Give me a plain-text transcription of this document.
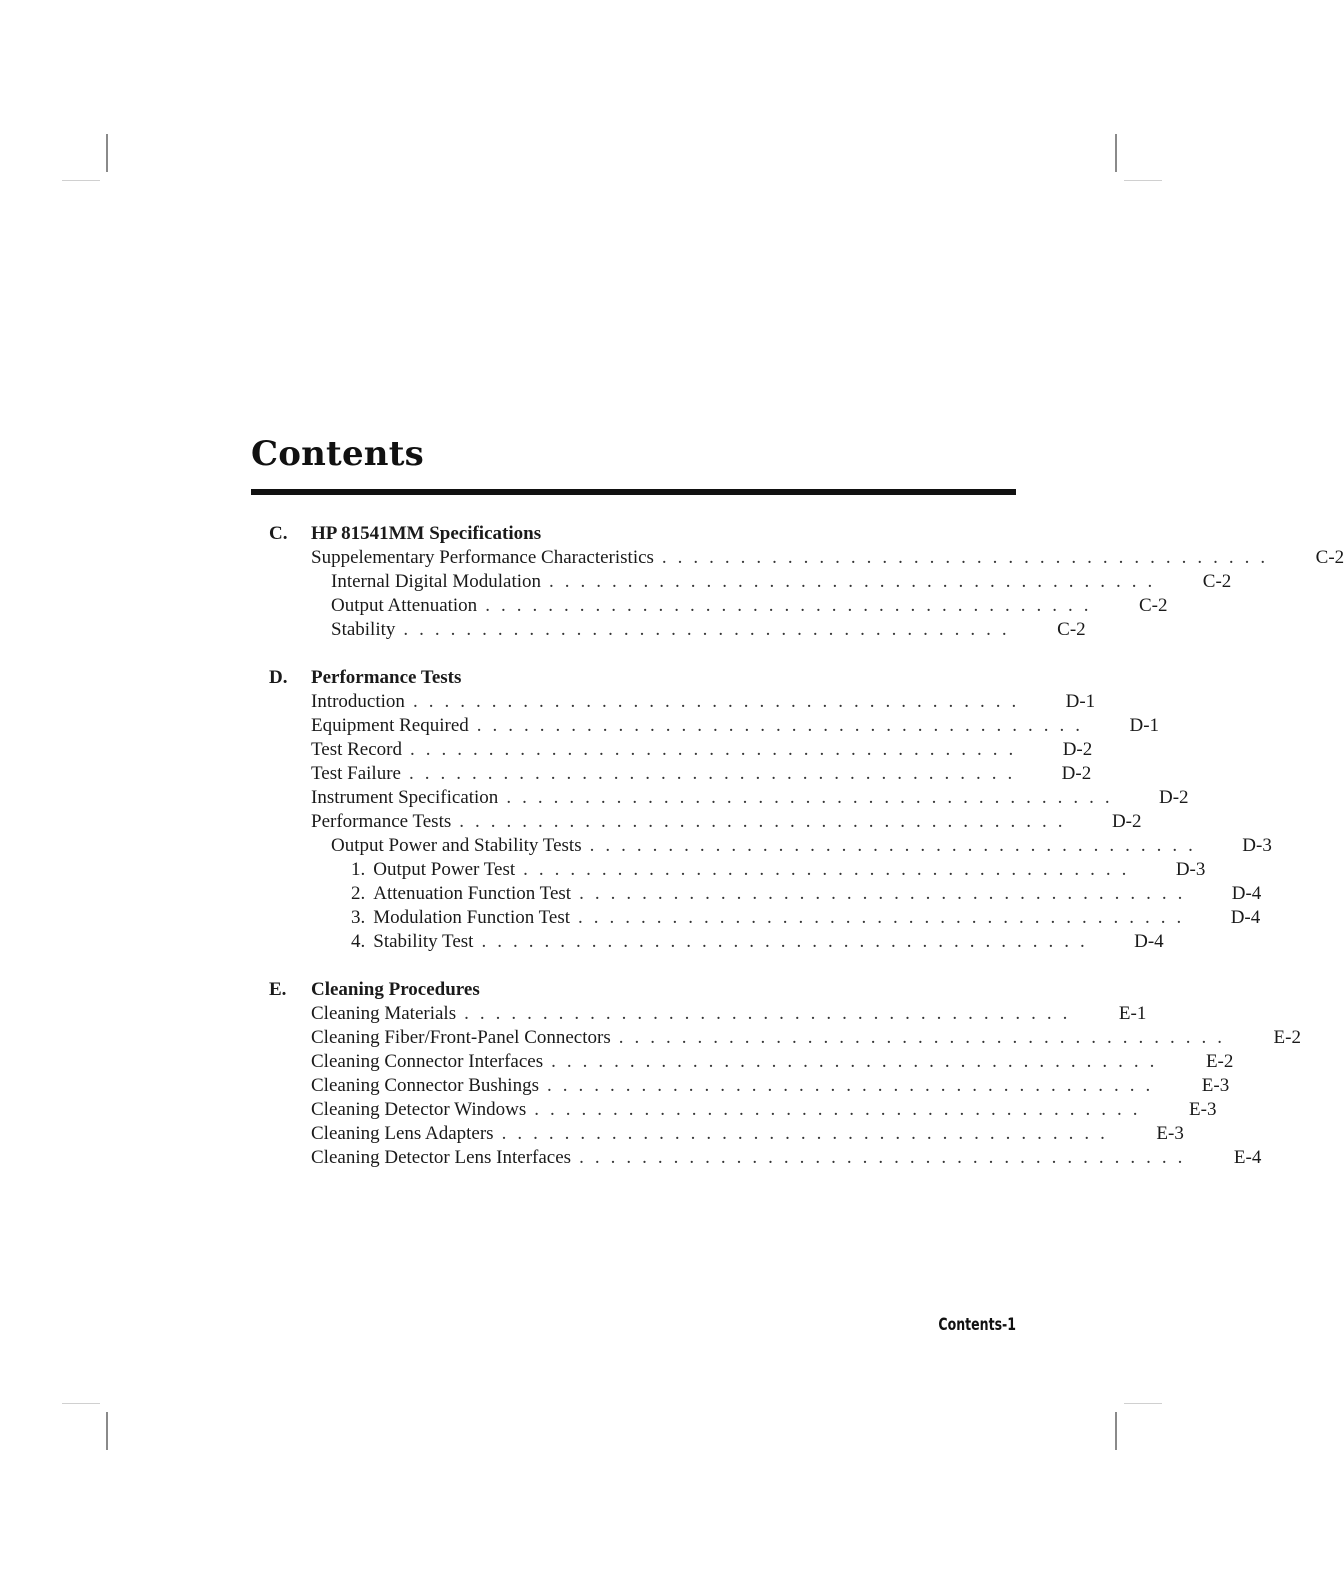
Contents
C.	HP 81541MM Specifications
Suppelementary Performance Characteristics .......................................	C-2
Internal Digital Modulation .......................................	C-2
Output Attenuation .......................................	C-2
Stability .......................................	C-2
D.	Performance Tests
Introduction .......................................	D-1
Equipment Required .......................................	D-1
Test Record .......................................	D-2
Test Failure .......................................	D-2
Instrument Specification .......................................	D-2
Performance Tests .......................................	D-2
Output Power and Stability Tests .......................................	D-3
1. Output Power Test .......................................	D-3
2. Attenuation Function Test .......................................	D-4
3. Modulation Function Test .......................................	D-4
4. Stability Test .......................................	D-4
E.	Cleaning Procedures
Cleaning Materials .......................................	E-1
Cleaning Fiber/Front-Panel Connectors .......................................	E-2
Cleaning Connector Interfaces .......................................	E-2
Cleaning Connector Bushings .......................................	E-3
Cleaning Detector Windows .......................................	E-3
Cleaning Lens Adapters .......................................	E-3
Cleaning Detector Lens Interfaces .......................................	E-4
Contents-1
